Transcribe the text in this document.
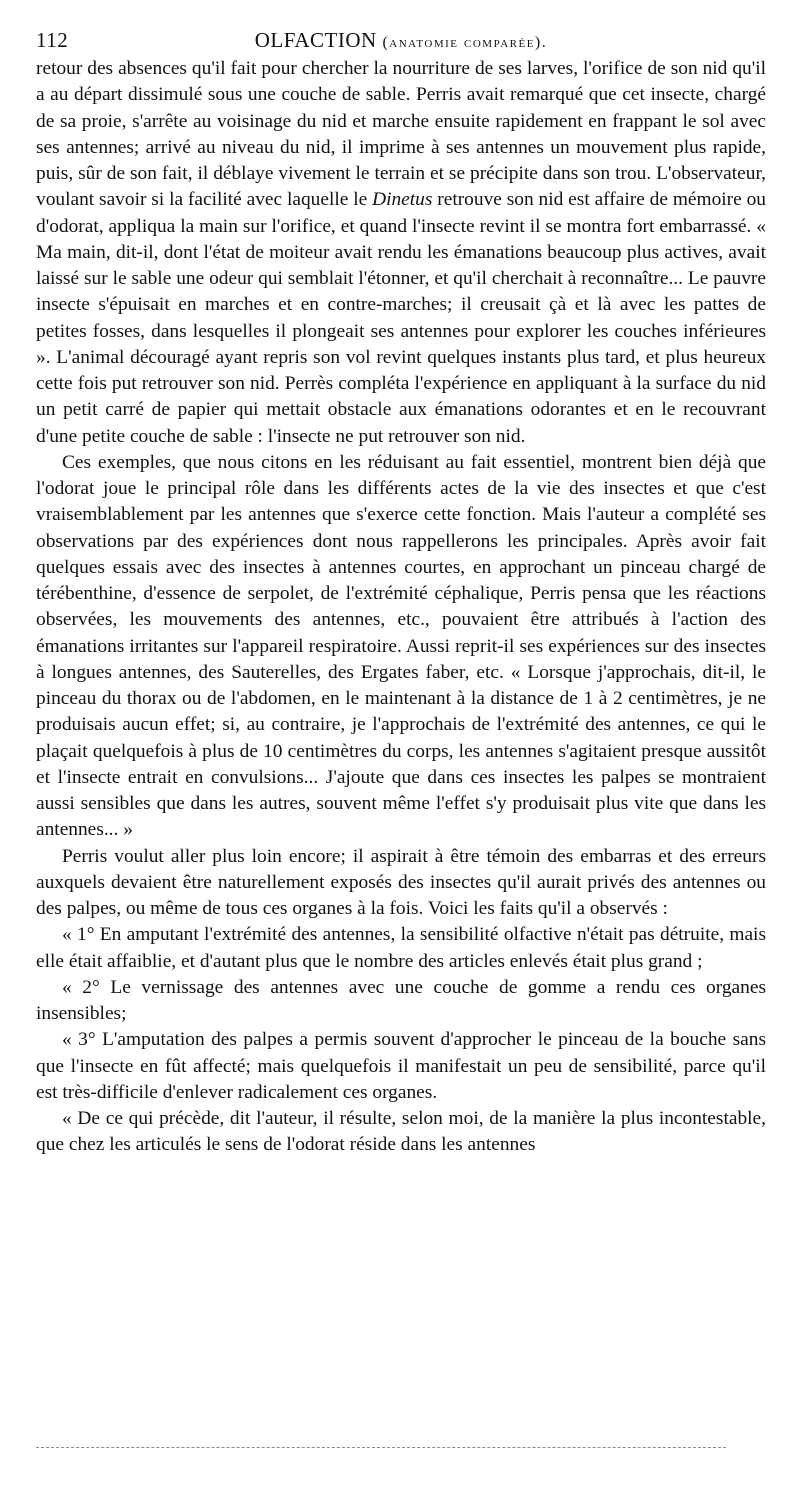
112	OLFACTION (anatomie comparée).

retour des absences qu'il fait pour chercher la nourriture de ses larves, l'orifice de son nid qu'il a au départ dissimulé sous une couche de sable. Perris avait remarqué que cet insecte, chargé de sa proie, s'arrête au voisinage du nid et marche ensuite rapidement en frappant le sol avec ses antennes; arrivé au niveau du nid, il imprime à ses antennes un mouvement plus rapide, puis, sûr de son fait, il déblaye vivement le terrain et se précipite dans son trou. L'observateur, voulant savoir si la facilité avec laquelle le Dinetus retrouve son nid est affaire de mémoire ou d'odorat, appliqua la main sur l'orifice, et quand l'insecte revint il se montra fort embarrassé. « Ma main, dit-il, dont l'état de moiteur avait rendu les émanations beaucoup plus actives, avait laissé sur le sable une odeur qui semblait l'étonner, et qu'il cherchait à reconnaître... Le pauvre insecte s'épuisait en marches et en contre-marches; il creusait çà et là avec les pattes de petites fosses, dans lesquelles il plongeait ses antennes pour explorer les couches inférieures ». L'animal découragé ayant repris son vol revint quelques instants plus tard, et plus heureux cette fois put retrouver son nid. Perrès compléta l'expérience en appliquant à la surface du nid un petit carré de papier qui mettait obstacle aux émanations odorantes et en le recouvrant d'une petite couche de sable : l'insecte ne put retrouver son nid.

Ces exemples, que nous citons en les réduisant au fait essentiel, montrent bien déjà que l'odorat joue le principal rôle dans les différents actes de la vie des insectes et que c'est vraisemblablement par les antennes que s'exerce cette fonction. Mais l'auteur a complété ses observations par des expériences dont nous rappellerons les principales. Après avoir fait quelques essais avec des insectes à antennes courtes, en approchant un pinceau chargé de térébenthine, d'essence de serpolet, de l'extrémité céphalique, Perris pensa que les réactions observées, les mouvements des antennes, etc., pouvaient être attribués à l'action des émanations irritantes sur l'appareil respiratoire. Aussi reprit-il ses expériences sur des insectes à longues antennes, des Sauterelles, des Ergates faber, etc. « Lorsque j'approchais, dit-il, le pinceau du thorax ou de l'abdomen, en le maintenant à la distance de 1 à 2 centimètres, je ne produisais aucun effet; si, au contraire, je l'approchais de l'extrémité des antennes, ce qui le plaçait quelquefois à plus de 10 centimètres du corps, les antennes s'agitaient presque aussitôt et l'insecte entrait en convulsions... J'ajoute que dans ces insectes les palpes se montraient aussi sensibles que dans les autres, souvent même l'effet s'y produisait plus vite que dans les antennes... »

Perris voulut aller plus loin encore; il aspirait à être témoin des embarras et des erreurs auxquels devaient être naturellement exposés des insectes qu'il aurait privés des antennes ou des palpes, ou même de tous ces organes à la fois. Voici les faits qu'il a observés :

« 1° En amputant l'extrémité des antennes, la sensibilité olfactive n'était pas détruite, mais elle était affaiblie, et d'autant plus que le nombre des articles enlevés était plus grand ;

« 2° Le vernissage des antennes avec une couche de gomme a rendu ces organes insensibles;

« 3° L'amputation des palpes a permis souvent d'approcher le pinceau de la bouche sans que l'insecte en fût affecté; mais quelquefois il manifestait un peu de sensibilité, parce qu'il est très-difficile d'enlever radicalement ces organes.

« De ce qui précède, dit l'auteur, il résulte, selon moi, de la manière la plus incontestable, que chez les articulés le sens de l'odorat réside dans les antennes
